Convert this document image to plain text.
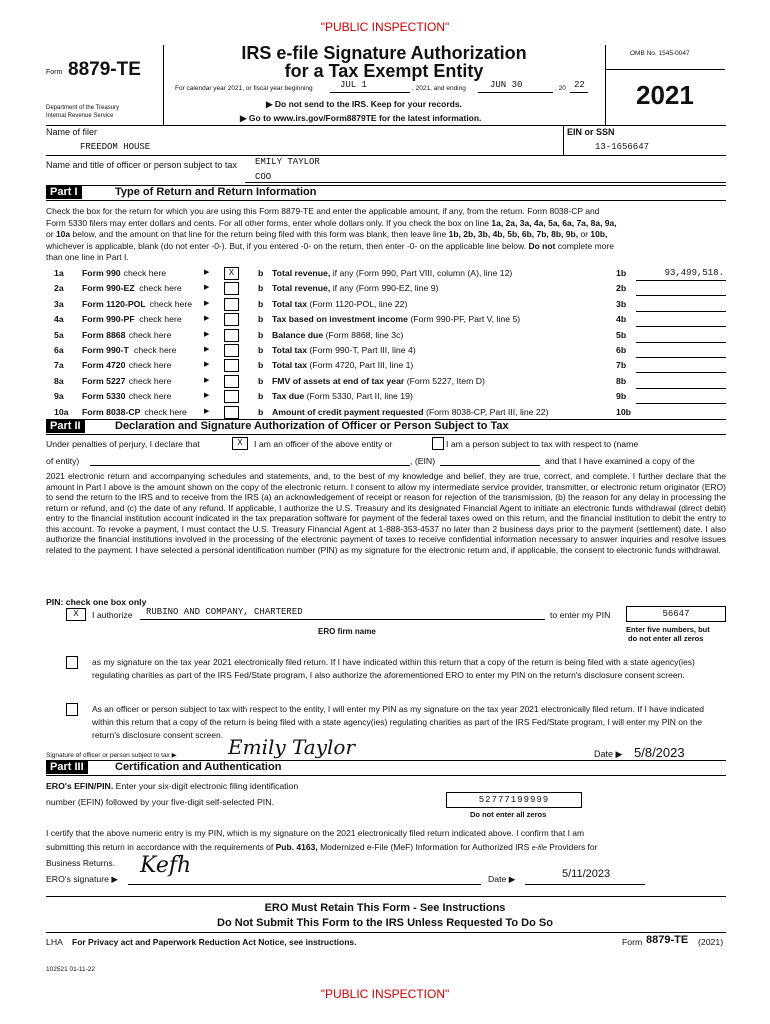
"PUBLIC INSPECTION"
Form 8879-TE
Department of the Treasury
Internal Revenue Service
IRS e-file Signature Authorization
for a Tax Exempt Entity
For calendar year 2021, or fiscal year beginning	JUL 1	, 2021, and ending	JUN 30	, 20 22
▶ Do not send to the IRS. Keep for your records.
▶ Go to www.irs.gov/Form8879TE for the latest information.
OMB No. 1545-0047
2021
Name of filer
FREEDOM HOUSE
EIN or SSN
13-1656647
Name and title of officer or person subject to tax EMILY TAYLOR
COO
Part I	Type of Return and Return Information
Check the box for the return for which you are using this Form 8879-TE and enter the applicable amount, if any, from the return. Form 8038-CP and
Form 5330 filers may enter dollars and cents. For all other forms, enter whole dollars only. If you check the box on line 1a, 2a, 3a, 4a, 5a, 6a, 7a, 8a, 9a,
or 10a below, and the amount on that line for the return being filed with this form was blank, then leave line 1b, 2b, 3b, 4b, 5b, 6b, 7b, 8b, 9b, or 10b,
whichever is applicable, blank (do not enter -0-). But, if you entered -0- on the return, then enter -0- on the applicable line below. Do not complete more
than one line in Part I.
1a Form 990 check here	▶	X	b Total revenue, if any (Form 990, Part VIII, column (A), line 12)	1b	93,499,518.
2a Form 990-EZ check here	▶	b Total revenue, if any (Form 990-EZ, line 9)	2b
3a Form 1120-POL check here ▶	b Total tax (Form 1120-POL, line 22)	3b
4a Form 990-PF check here	▶	b Tax based on investment income (Form 990-PF, Part V, line 5)	4b
5a Form 8868 check here	▶	b Balance due (Form 8868, line 3c)	5b
6a Form 990-T check here	▶	b Total tax (Form 990-T, Part III, line 4)	6b
7a Form 4720 check here	▶	b Total tax (Form 4720, Part III, line 1)	7b
8a Form 5227 check here	▶	b FMV of assets at end of tax year (Form 5227, Item D)	8b
9a Form 5330 check here	▶	b Tax due (Form 5330, Part II, line 19)	9b
10a Form 8038-CP check here ▶	b Amount of credit payment requested (Form 8038-CP, Part III, line 22)	10b
Part II	Declaration and Signature Authorization of Officer or Person Subject to Tax
Under penalties of perjury, I declare that	X	I am an officer of the above entity or	I am a person subject to tax with respect to (name
of entity)	, (EIN)	and that I have examined a copy of the
2021 electronic return and accompanying schedules and statements, and, to the best of my knowledge and belief, they are true, correct, and complete. I further declare that the amount in Part I above is the amount shown on the copy of the electronic return. I consent to allow my intermediate service provider, transmitter, or electronic return originator (ERO) to send the return to the IRS and to receive from the IRS (a) an acknowledgement of receipt or reason for rejection of the transmission, (b) the reason for any delay in processing the return or refund, and (c) the date of any refund. If applicable, I authorize the U.S. Treasury and its designated Financial Agent to initiate an electronic funds withdrawal (direct debit) entry to the financial institution account indicated in the tax preparation software for payment of the federal taxes owed on this return, and the financial institution to debit the entry to this account. To revoke a payment, I must contact the U.S. Treasury Financial Agent at 1-888-353-4537 no later than 2 business days prior to the payment (settlement) date. I also authorize the financial institutions involved in the processing of the electronic payment of taxes to receive confidential information necessary to answer inquiries and resolve issues related to the payment. I have selected a personal identification number (PIN) as my signature for the electronic return and, if applicable, the consent to electronic funds withdrawal.
PIN: check one box only
X	I authorize RUBINO AND COMPANY, CHARTERED
ERO firm name
to enter my PIN	56647
Enter five numbers, but
do not enter all zeros
as my signature on the tax year 2021 electronically filed return. If I have indicated within this return that a copy of the return is being filed with a state agency(ies) regulating charities as part of the IRS Fed/State program, I also authorize the aforementioned ERO to enter my PIN on the return's disclosure consent screen.
As an officer or person subject to tax with respect to the entity, I will enter my PIN as my signature on the tax year 2021 electronically filed return. If I have indicated within this return that a copy of the return is being filed with a state agency(ies) regulating charities as part of the IRS Fed/State program, I will enter my PIN on the return's disclosure consent screen.
Signature of officer or person subject to tax ▶	Emily Taylor	Date ▶ 5/8/2023
Part III	Certification and Authentication
ERO's EFIN/PIN. Enter your six-digit electronic filing identification
number (EFIN) followed by your five-digit self-selected PIN.	52777199999
Do not enter all zeros
I certify that the above numeric entry is my PIN, which is my signature on the 2021 electronically filed return indicated above. I confirm that I am
submitting this return in accordance with the requirements of Pub. 4163, Modernized e-File (MeF) Information for Authorized IRS e-file Providers for
Business Returns.
ERO's signature ▶
Kefh
Date ▶	5/11/2023
ERO Must Retain This Form - See Instructions
Do Not Submit This Form to the IRS Unless Requested To Do So
LHA For Privacy act and Paperwork Reduction Act Notice, see instructions.	Form 8879-TE (2021)
102521 01-11-22
"PUBLIC INSPECTION"
